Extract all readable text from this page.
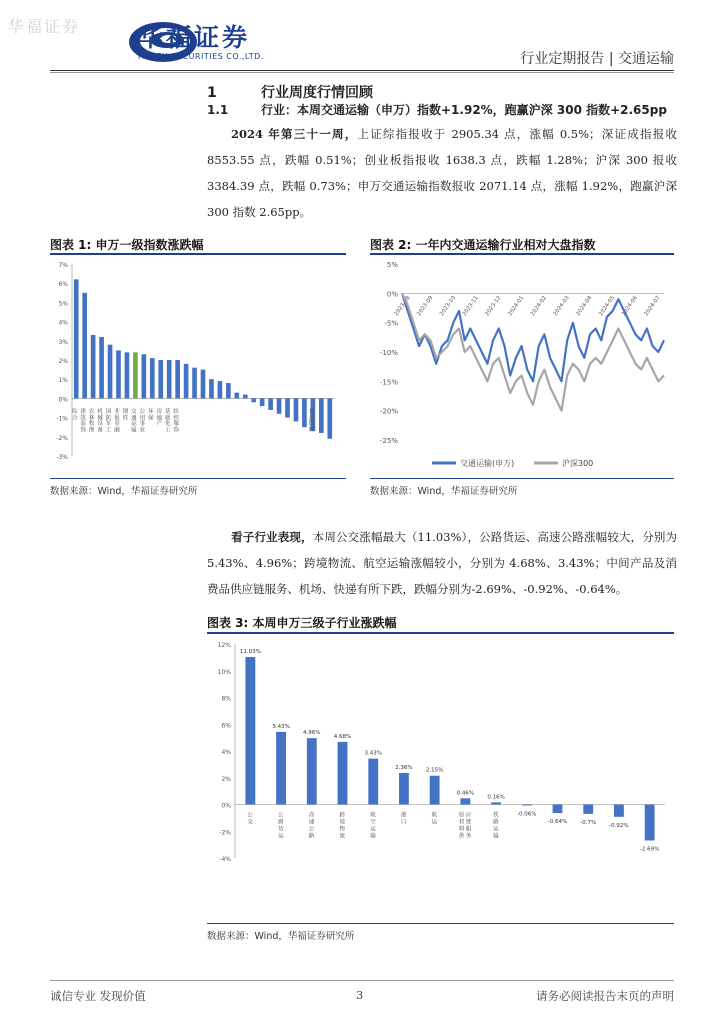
华福证券 华福证券
HUAFU SECURITIES CO.,LTD.	行业定期报告 | 交通运输
1	行业周度行情回顾
1.1	行业：本周交通运输（申万）指数+1.92%，跑赢沪深 300 指数+2.65pp
2024 年第三十一周，上证综指报收于 2905.34 点，涨幅 0.5%；深证成指报收 8553.55 点，跌幅 0.51%；创业板指报收 1638.3 点，跌幅 1.28%；沪深 300 报收 3384.39 点，跌幅 0.73%；申万交通运输指数报收 2071.14 点，涨幅 1.92%，跑赢沪深 300 指数 2.65pp。
图表 1: 申万一级指数涨跌幅
7%
6%
5%
4%
3%
2%
1%
0%
-1%
-2%
-3%
综合
建筑装饰
农林牧渔
机械设备
国防军工
非银金融
钢铁
交通运输
公用事业
环保
房地产
基础化工
纺织服饰
食品饮料
数据来源：Wind，华福证券研究所
图表 2: 一年内交通运输行业相对大盘指数
5%
0%
-5%
-10%
-15%
-20%
-25%
2023-08 2023-09 2023-10 2023-11 2023-12 2024-01 2024-02 2024-03 2024-04 2024-05 2024-06 2024-07
交通运输(申万)	沪深300
数据来源：Wind，华福证券研究所
看子行业表现，本周公交涨幅最大（11.03%），公路货运、高速公路涨幅较大，分别为 5.43%、4.96%；跨境物流、航空运输涨幅较小，分别为 4.68%、3.43%；中间产品及消费品供应链服务、机场、快递有所下跌，跌幅分别为-2.69%、-0.92%、-0.64%。
图表 3: 本周申万三级子行业涨跌幅
12%
10%
8%
6%
4%
2%
0%
-2%
-4%
11.03%
公交
5.43%
公路货运
4.96%
高速公路
4.68%
跨境物流
3.43%
航空运输
2.36%
港口
2.15%
航运
0.46%
原材料供应链服务
0.16%
铁路运输
-0.06%
-0.64% -0.7% -0.92%
-2.69%
数据来源：Wind，华福证券研究所
诚信专业 发现价值	3	请务必阅读报告末页的声明
